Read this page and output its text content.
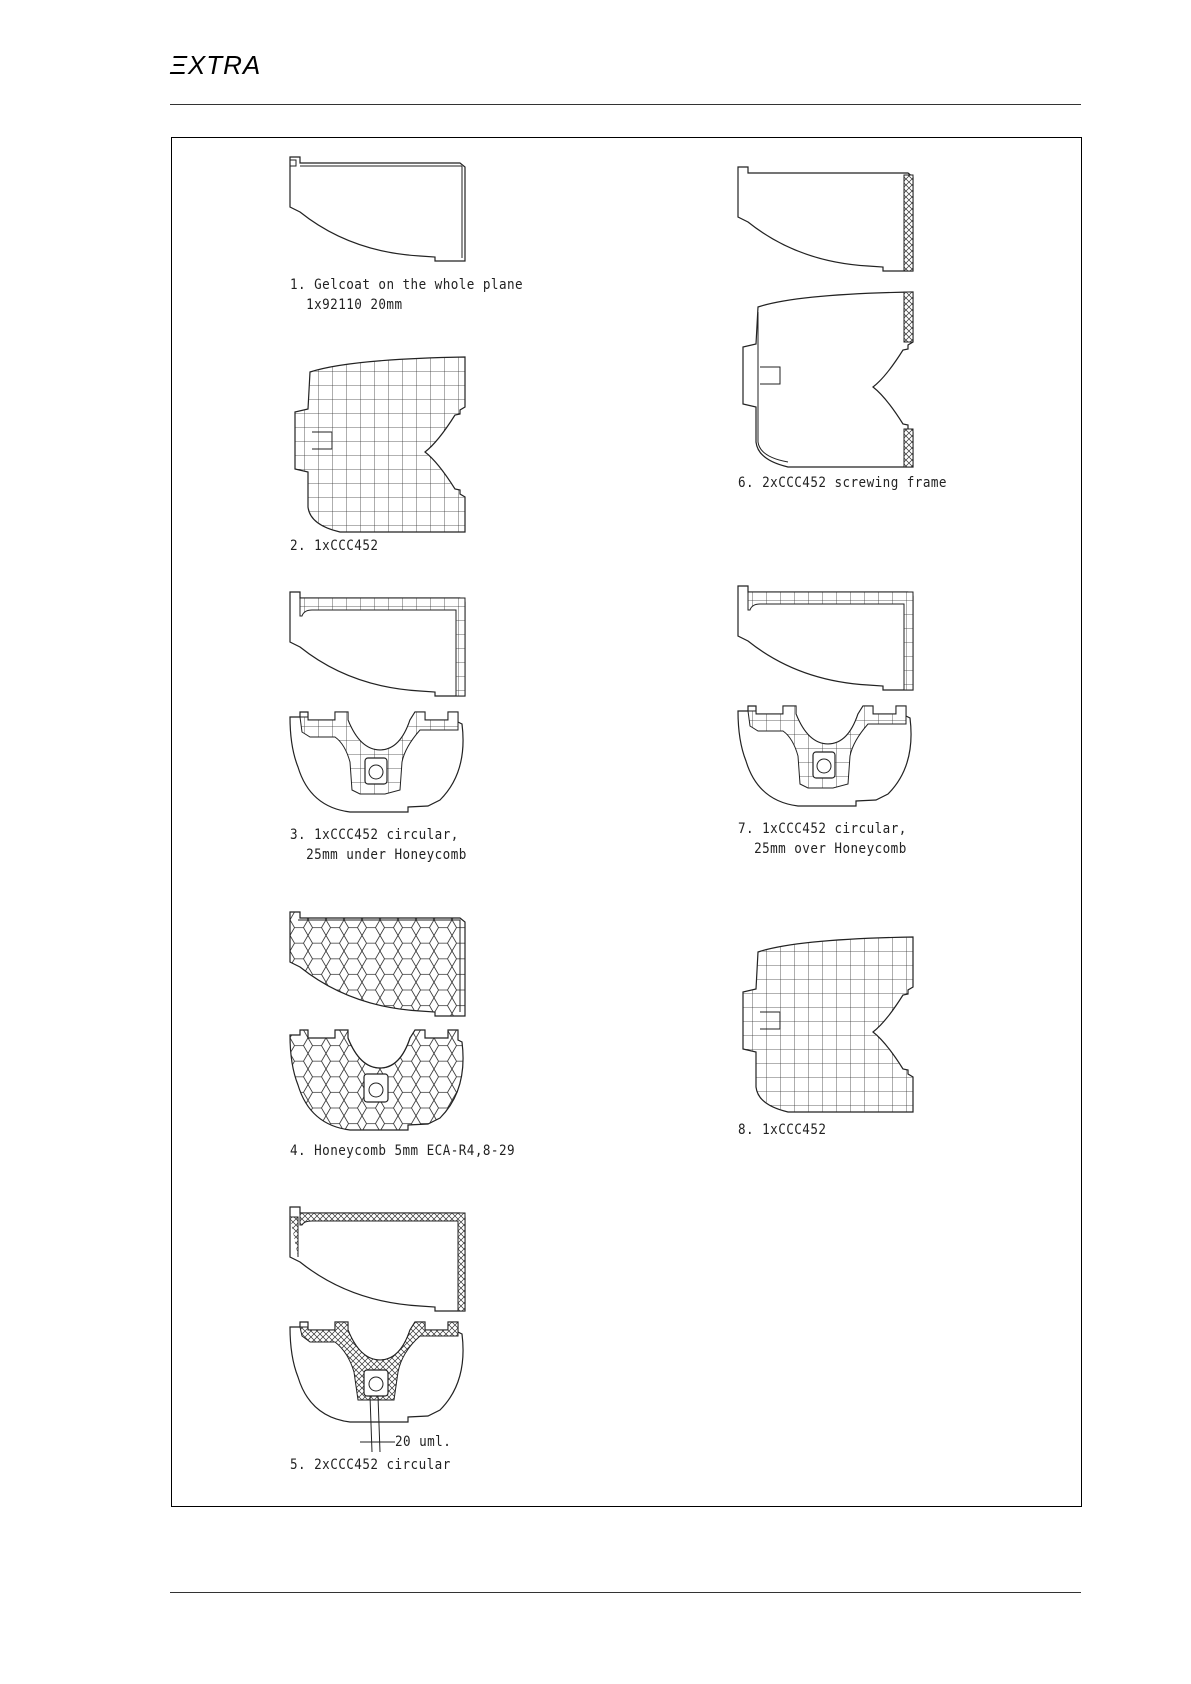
ΞXTRA
1. Gelcoat on the whole plane
1x92110 20mm
2. 1xCCC452
3. 1xCCC452 circular,
25mm under Honeycomb
4. Honeycomb 5mm ECA-R4,8-29
20 uml.
5. 2xCCC452 circular
6. 2xCCC452 screwing frame
7. 1xCCC452 circular,
25mm over Honeycomb
8. 1xCCC452
